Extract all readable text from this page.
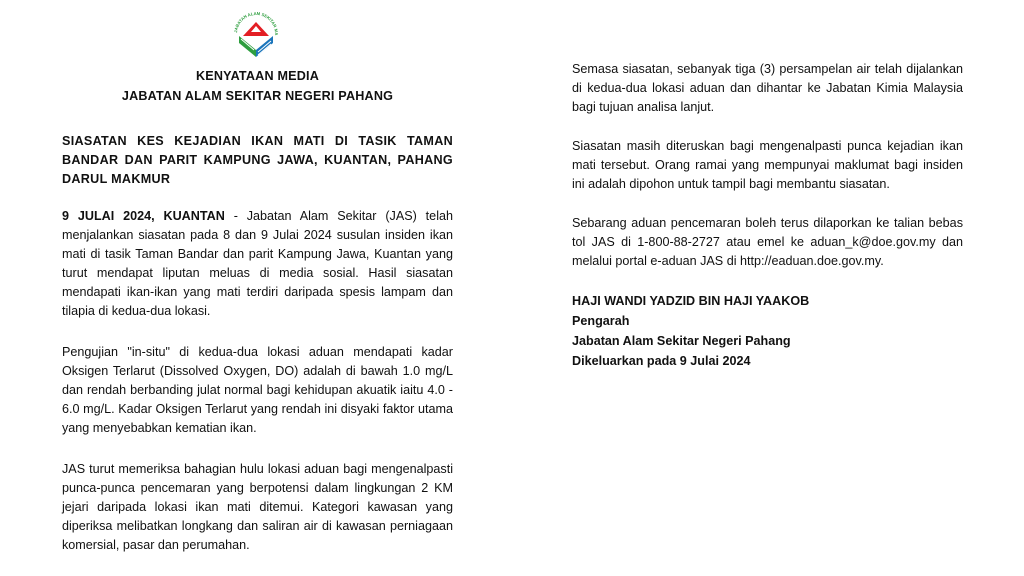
JABATAN ALAM SEKITAR MA
KENYATAAN MEDIA
JABATAN ALAM SEKITAR NEGERI PAHANG

SIASATAN KES KEJADIAN IKAN MATI DI TASIK TAMAN BANDAR DAN PARIT KAMPUNG JAWA, KUANTAN, PAHANG DARUL MAKMUR

9 JULAI 2024, KUANTAN - Jabatan Alam Sekitar (JAS) telah menjalankan siasatan pada 8 dan 9 Julai 2024 susulan insiden ikan mati di tasik Taman Bandar dan parit Kampung Jawa, Kuantan yang turut mendapat liputan meluas di media sosial. Hasil siasatan mendapati ikan-ikan yang mati terdiri daripada spesis lampam dan tilapia di kedua-dua lokasi.

Pengujian "in-situ" di kedua-dua lokasi aduan mendapati kadar Oksigen Terlarut (Dissolved Oxygen, DO) adalah di bawah 1.0 mg/L dan rendah berbanding julat normal bagi kehidupan akuatik iaitu 4.0 - 6.0 mg/L. Kadar Oksigen Terlarut yang rendah ini disyaki faktor utama yang menyebabkan kematian ikan.

JAS turut memeriksa bahagian hulu lokasi aduan bagi mengenalpasti punca-punca pencemaran yang berpotensi dalam lingkungan 2 KM jejari daripada lokasi ikan mati ditemui. Kategori kawasan yang diperiksa melibatkan longkang dan saliran air di kawasan perniagaan komersial, pasar dan perumahan.

Semasa siasatan, sebanyak tiga (3) persampelan air telah dijalankan di kedua-dua lokasi aduan dan dihantar ke Jabatan Kimia Malaysia bagi tujuan analisa lanjut.

Siasatan masih diteruskan bagi mengenalpasti punca kejadian ikan mati tersebut. Orang ramai yang mempunyai maklumat bagi insiden ini adalah dipohon untuk tampil bagi membantu siasatan.

Sebarang aduan pencemaran boleh terus dilaporkan ke talian bebas tol JAS di 1-800-88-2727 atau emel ke aduan_k@doe.gov.my dan melalui portal e-aduan JAS di http://eaduan.doe.gov.my.

HAJI WANDI YADZID BIN HAJI YAAKOB
Pengarah
Jabatan Alam Sekitar Negeri Pahang
Dikeluarkan pada 9 Julai 2024
